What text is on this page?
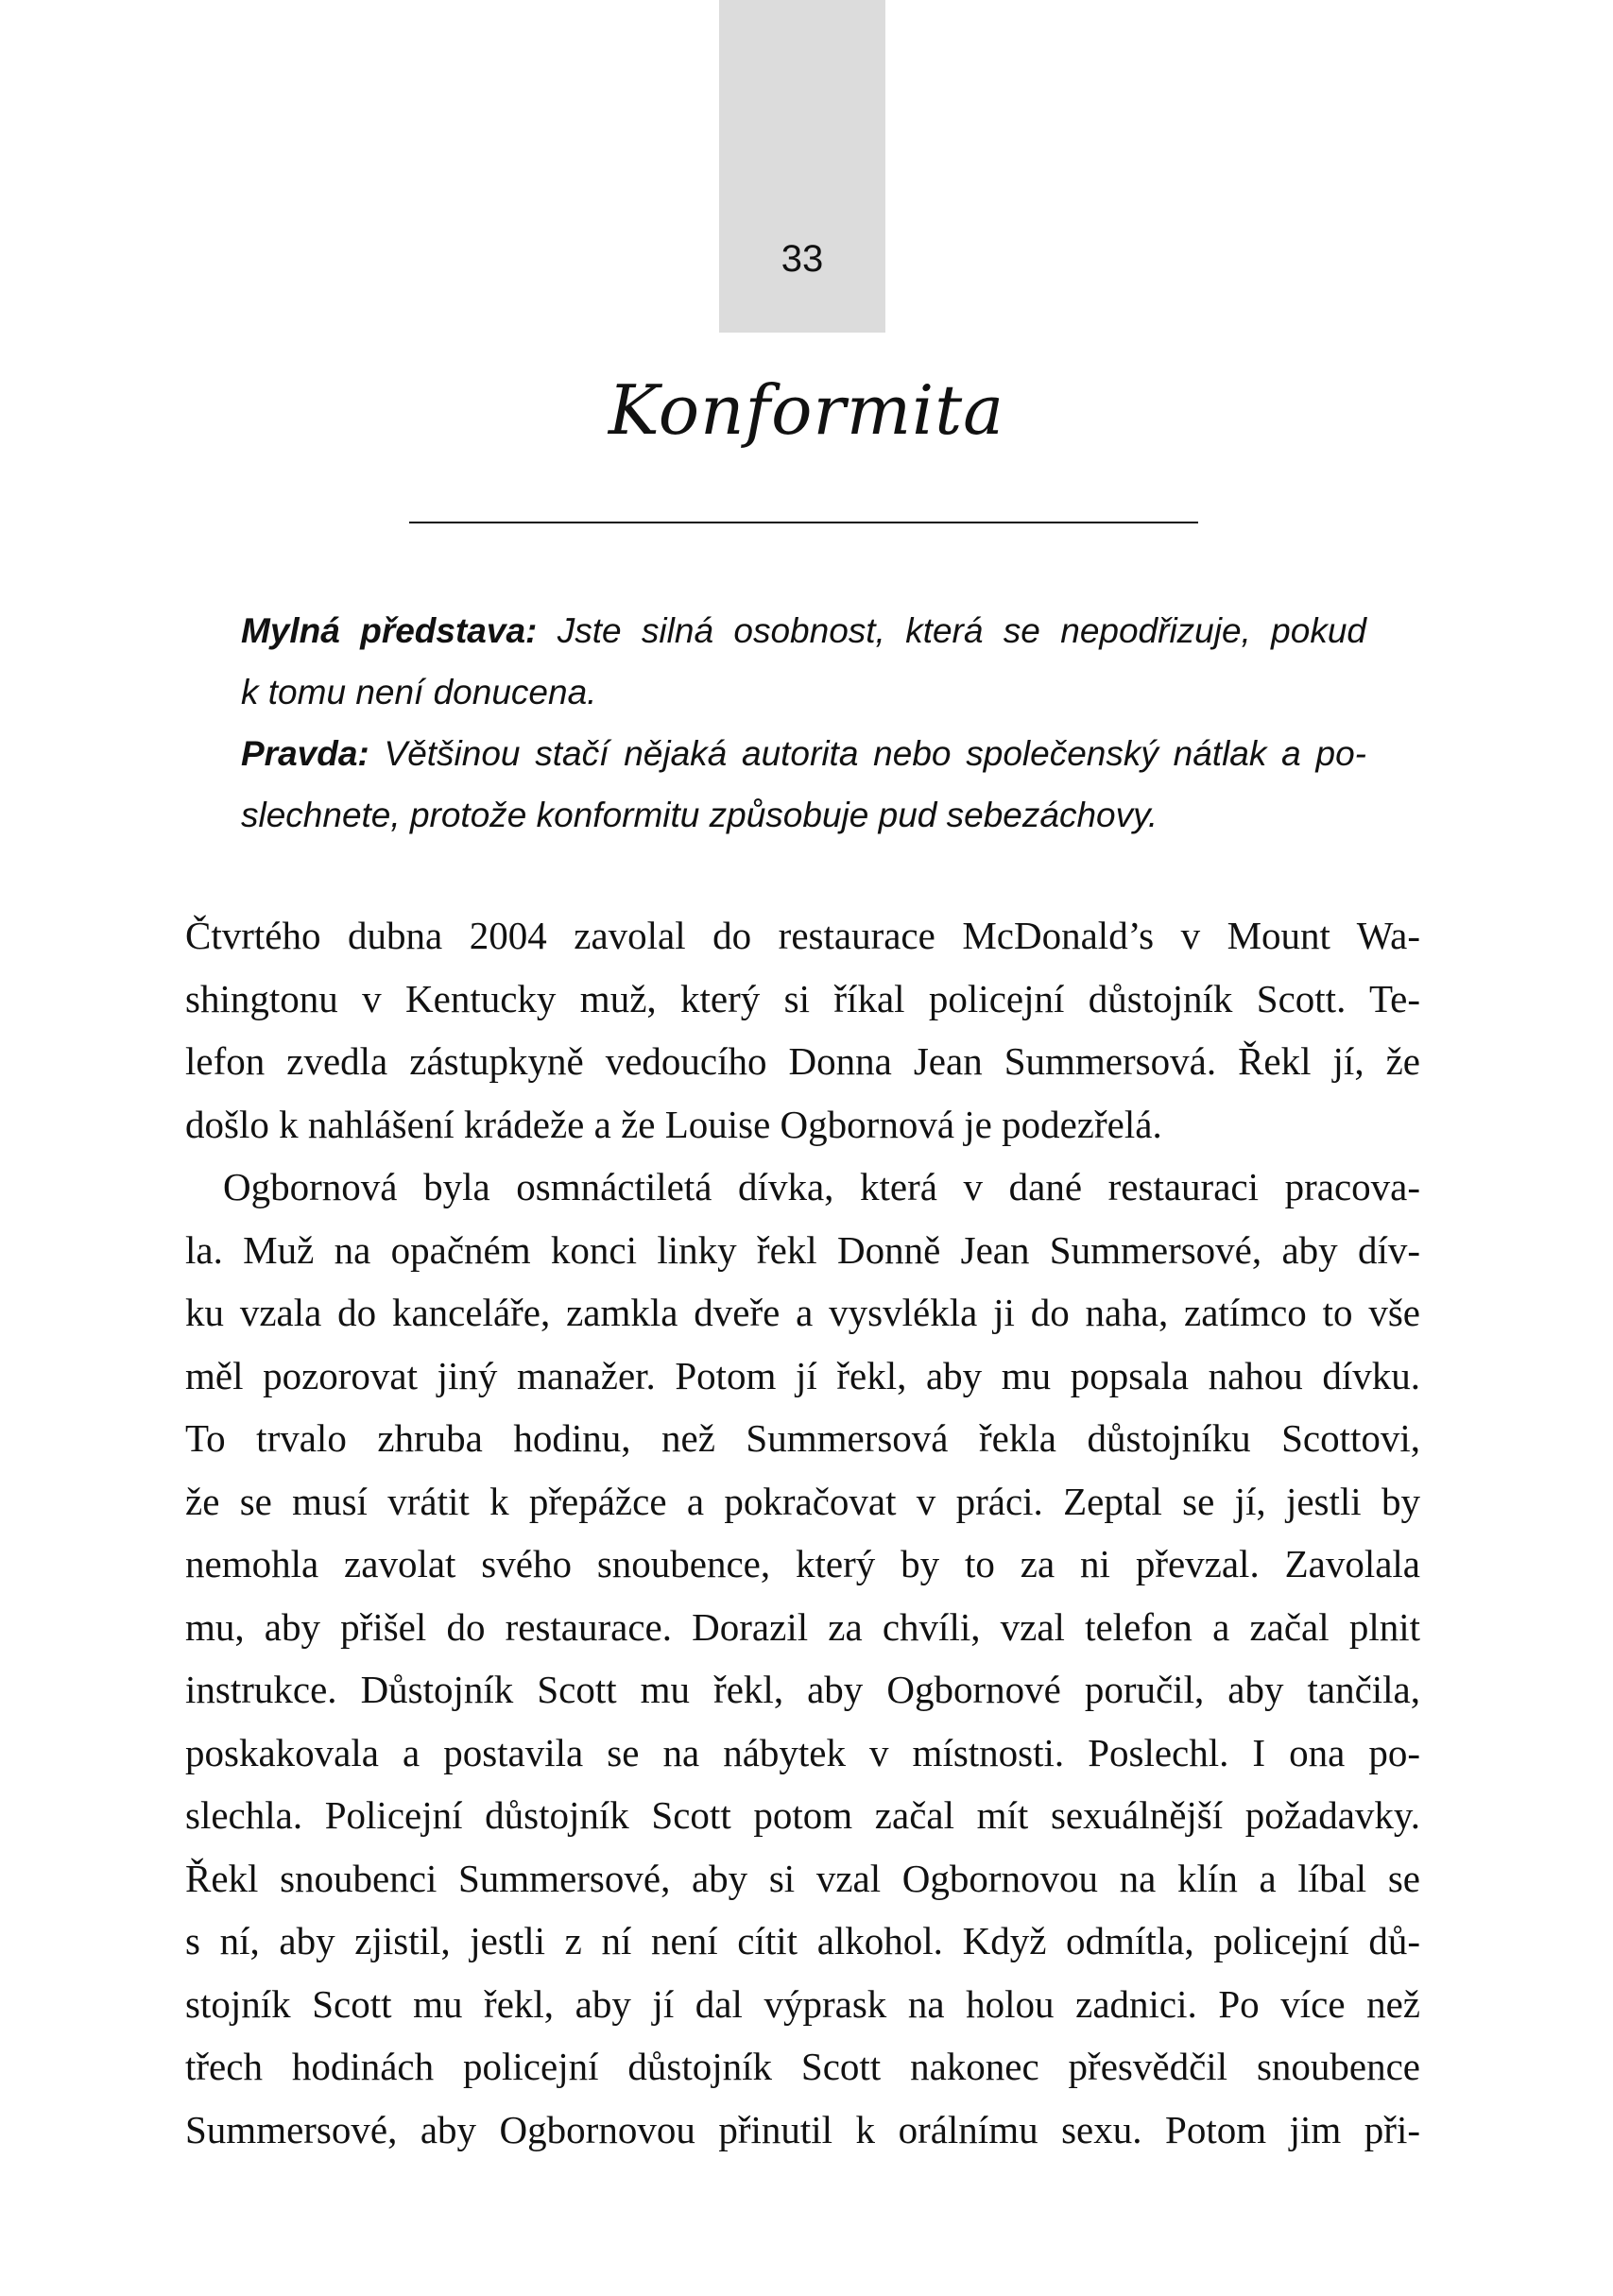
33
Konformita
Mylná představa: Jste silná osobnost, která se nepodřizuje, pokud
k tomu není donucena.
Pravda: Většinou stačí nějaká autorita nebo společenský nátlak a po-
slechnete, protože konformitu způsobuje pud sebezáchovy.
Čtvrtého dubna 2004 zavolal do restaurace McDonald’s v Mount Wa-
shingtonu v Kentucky muž, který si říkal policejní důstojník Scott. Te-
lefon zvedla zástupkyně vedoucího Donna Jean Summersová. Řekl jí, že
došlo k nahlášení krádeže a že Louise Ogbornová je podezřelá.
Ogbornová byla osmnáctiletá dívka, která v dané restauraci pracova-
la. Muž na opačném konci linky řekl Donně Jean Summersové, aby dív-
ku vzala do kanceláře, zamkla dveře a vysvlékla ji do naha, zatímco to vše
měl pozorovat jiný manažer. Potom jí řekl, aby mu popsala nahou dívku.
To trvalo zhruba hodinu, než Summersová řekla důstojníku Scottovi,
že se musí vrátit k přepážce a pokračovat v práci. Zeptal se jí, jestli by
nemohla zavolat svého snoubence, který by to za ni převzal. Zavolala
mu, aby přišel do restaurace. Dorazil za chvíli, vzal telefon a začal plnit
instrukce. Důstojník Scott mu řekl, aby Ogbornové poručil, aby tančila,
poskakovala a postavila se na nábytek v místnosti. Poslechl. I ona po-
slechla. Policejní důstojník Scott potom začal mít sexuálnější požadavky.
Řekl snoubenci Summersové, aby si vzal Ogbornovou na klín a líbal se
s ní, aby zjistil, jestli z ní není cítit alkohol. Když odmítla, policejní dů-
stojník Scott mu řekl, aby jí dal výprask na holou zadnici. Po více než
třech hodinách policejní důstojník Scott nakonec přesvědčil snoubence
Summersové, aby Ogbornovou přinutil k orálnímu sexu. Potom jim při-
